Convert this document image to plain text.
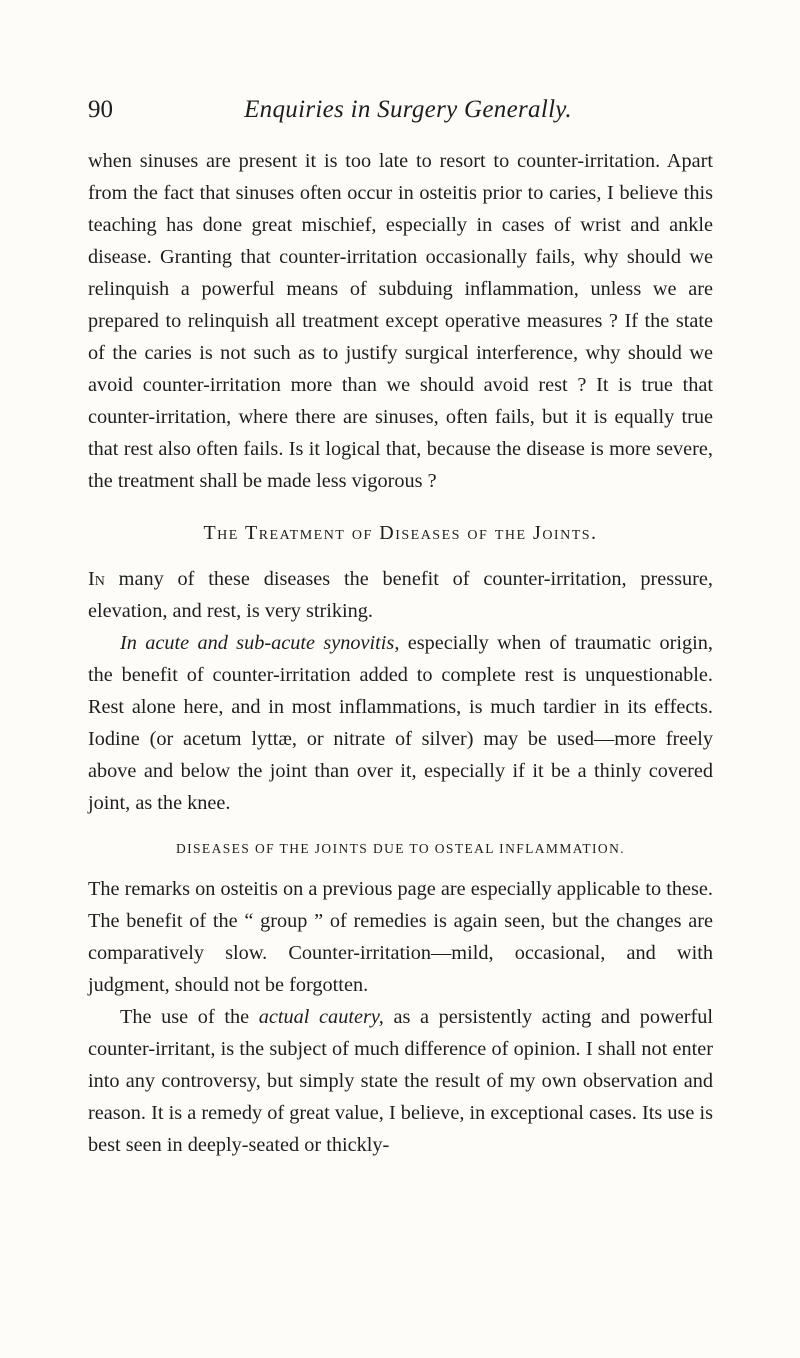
90	Enquiries in Surgery Generally.

when sinuses are present it is too late to resort to counter-irritation. Apart from the fact that sinuses often occur in osteitis prior to caries, I believe this teaching has done great mischief, especially in cases of wrist and ankle disease. Granting that counter-irritation occasionally fails, why should we relinquish a powerful means of subduing inflammation, unless we are prepared to relinquish all treatment except operative measures ? If the state of the caries is not such as to justify surgical interference, why should we avoid counter-irritation more than we should avoid rest ? It is true that counter-irritation, where there are sinuses, often fails, but it is equally true that rest also often fails. Is it logical that, because the disease is more severe, the treatment shall be made less vigorous ?

The Treatment of Diseases of the Joints.

In many of these diseases the benefit of counter-irritation, pressure, elevation, and rest, is very striking.

In acute and sub-acute synovitis, especially when of traumatic origin, the benefit of counter-irritation added to complete rest is unquestionable. Rest alone here, and in most inflammations, is much tardier in its effects. Iodine (or acetum lyttæ, or nitrate of silver) may be used—more freely above and below the joint than over it, especially if it be a thinly covered joint, as the knee.

DISEASES OF THE JOINTS DUE TO OSTEAL INFLAMMATION.

The remarks on osteitis on a previous page are especially applicable to these. The benefit of the “ group ” of remedies is again seen, but the changes are comparatively slow. Counter-irritation—mild, occasional, and with judgment, should not be forgotten.

The use of the actual cautery, as a persistently acting and powerful counter-irritant, is the subject of much difference of opinion. I shall not enter into any controversy, but simply state the result of my own observation and reason. It is a remedy of great value, I believe, in exceptional cases. Its use is best seen in deeply-seated or thickly-
